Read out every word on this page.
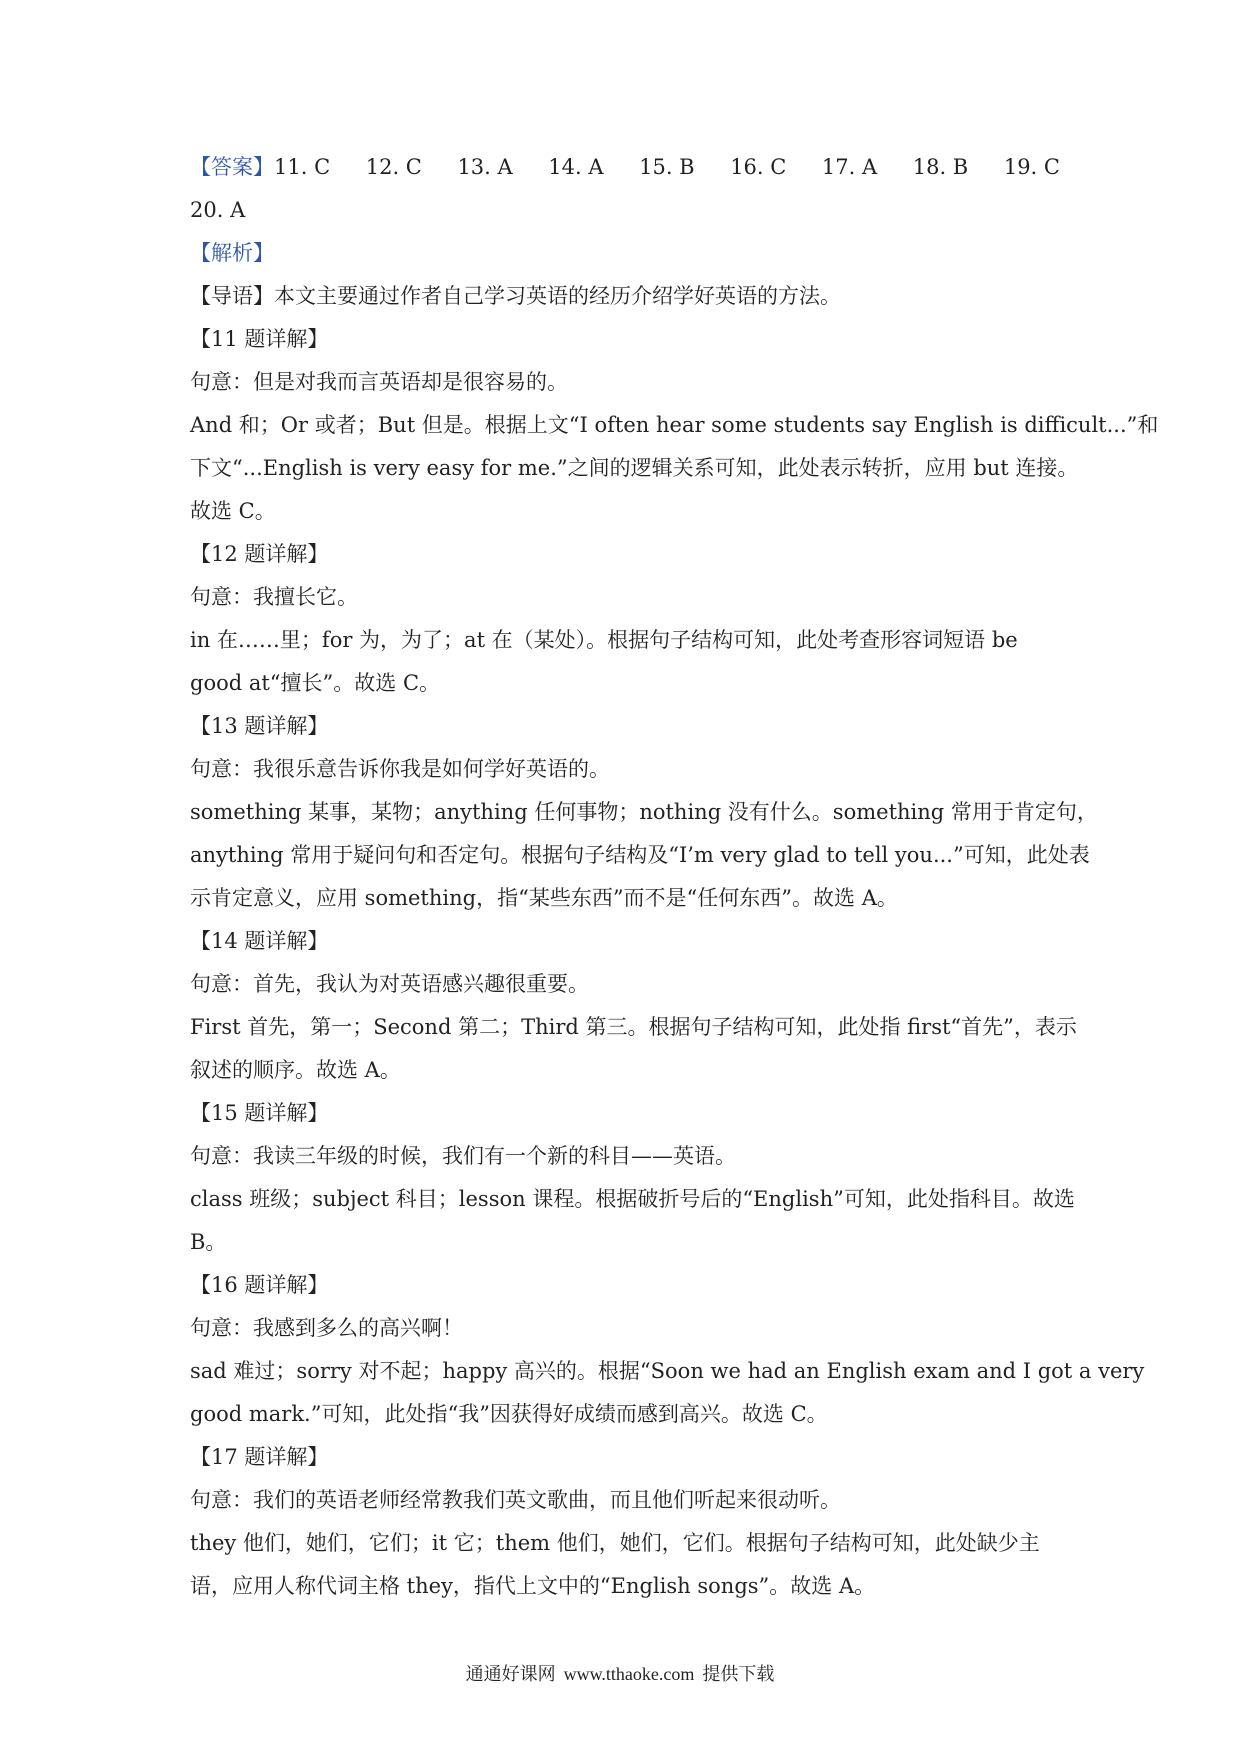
【答案】11. C 12. C 13. A 14. A 15. B 16. C 17. A 18. B 19. C
20. A
【解析】
【导语】本文主要通过作者自己学习英语的经历介绍学好英语的方法。
【11 题详解】
句意：但是对我而言英语却是很容易的。
And 和；Or 或者；But 但是。根据上文“I often hear some students say English is difficult...”和
下文“...English is very easy for me.”之间的逻辑关系可知，此处表示转折，应用 but 连接。
故选 C。
【12 题详解】
句意：我擅长它。
in 在……里；for 为，为了；at 在（某处）。根据句子结构可知，此处考查形容词短语 be
good at“擅长”。故选 C。
【13 题详解】
句意：我很乐意告诉你我是如何学好英语的。
something 某事，某物；anything 任何事物；nothing 没有什么。something 常用于肯定句，
anything 常用于疑问句和否定句。根据句子结构及“I’m very glad to tell you...”可知，此处表
示肯定意义，应用 something，指“某些东西”而不是“任何东西”。故选 A。
【14 题详解】
句意：首先，我认为对英语感兴趣很重要。
First 首先，第一；Second 第二；Third 第三。根据句子结构可知，此处指 first“首先”，表示
叙述的顺序。故选 A。
【15 题详解】
句意：我读三年级的时候，我们有一个新的科目——英语。
class 班级；subject 科目；lesson 课程。根据破折号后的“English”可知，此处指科目。故选
B。
【16 题详解】
句意：我感到多么的高兴啊！
sad 难过；sorry 对不起；happy 高兴的。根据“Soon we had an English exam and I got a very
good mark.”可知，此处指“我”因获得好成绩而感到高兴。故选 C。
【17 题详解】
句意：我们的英语老师经常教我们英文歌曲，而且他们听起来很动听。
they 他们，她们，它们；it 它；them 他们，她们，它们。根据句子结构可知，此处缺少主
语，应用人称代词主格 they，指代上文中的“English songs”。故选 A。
通通好课网 www.tthaoke.com 提供下载
